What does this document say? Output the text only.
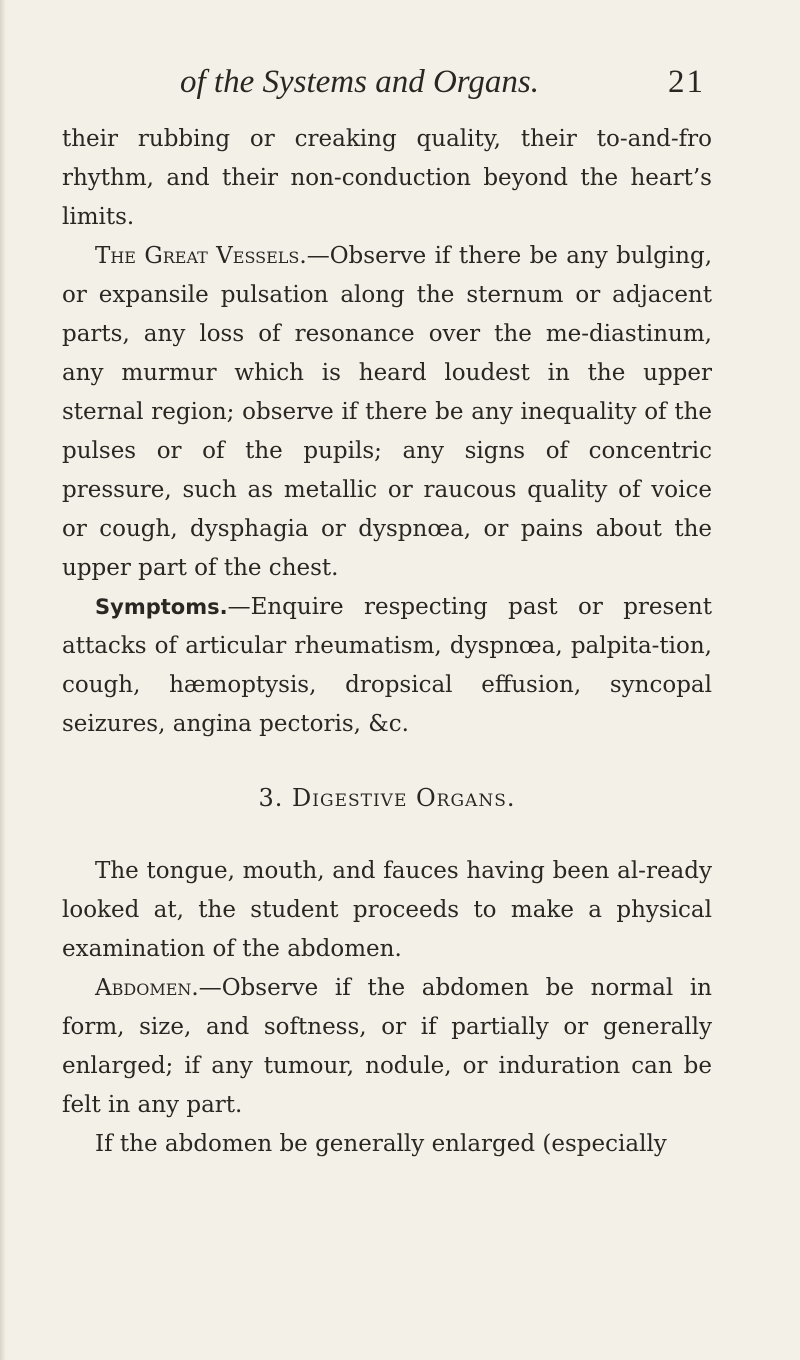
of the Systems and Organs.	21

their rubbing or creaking quality, their to-and-fro rhythm, and their non-conduction beyond the heart’s limits.

The Great Vessels.—Observe if there be any bulging, or expansile pulsation along the sternum or adjacent parts, any loss of resonance over the me-diastinum, any murmur which is heard loudest in the upper sternal region; observe if there be any inequality of the pulses or of the pupils; any signs of concentric pressure, such as metallic or raucous quality of voice or cough, dysphagia or dyspnœa, or pains about the upper part of the chest.

Symptoms.—Enquire respecting past or present attacks of articular rheumatism, dyspnœa, palpita-tion, cough, hæmoptysis, dropsical effusion, syncopal seizures, angina pectoris, &c.

3. Digestive Organs.

The tongue, mouth, and fauces having been al-ready looked at, the student proceeds to make a physical examination of the abdomen.

Abdomen.—Observe if the abdomen be normal in form, size, and softness, or if partially or generally enlarged; if any tumour, nodule, or induration can be felt in any part.

If the abdomen be generally enlarged (especially
